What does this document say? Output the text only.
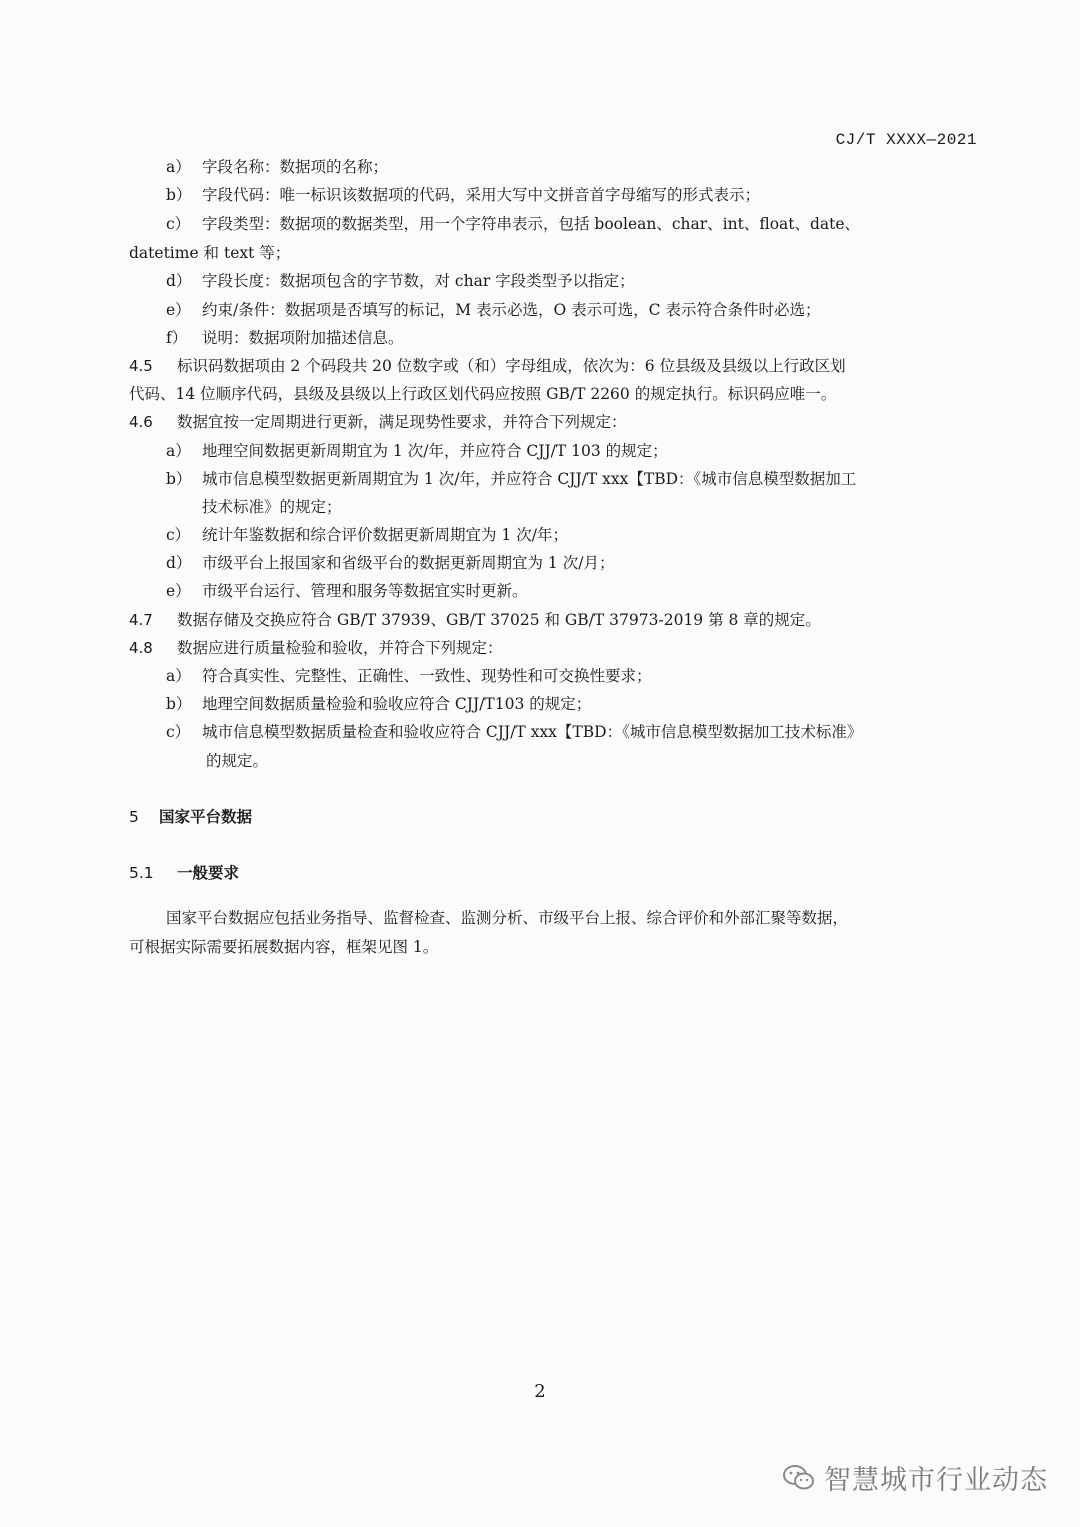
CJ/T XXXX—2021
a） 字段名称：数据项的名称；
b） 字段代码：唯一标识该数据项的代码，采用大写中文拼音首字母缩写的形式表示；
c） 字段类型：数据项的数据类型，用一个字符串表示，包括 boolean、char、int、float、date、
datetime 和 text 等；
d） 字段长度：数据项包含的字节数，对 char 字段类型予以指定；
e） 约束/条件：数据项是否填写的标记，M 表示必选，O 表示可选，C 表示符合条件时必选；
f） 说明：数据项附加描述信息。
4.5 标识码数据项由 2 个码段共 20 位数字或（和）字母组成，依次为：6 位县级及县级以上行政区划
代码、14 位顺序代码，县级及县级以上行政区划代码应按照 GB/T 2260 的规定执行。标识码应唯一。
4.6 数据宜按一定周期进行更新，满足现势性要求，并符合下列规定：
a） 地理空间数据更新周期宜为 1 次/年，并应符合 CJJ/T 103 的规定；
b） 城市信息模型数据更新周期宜为 1 次/年，并应符合 CJJ/T xxx【TBD：《城市信息模型数据加工
技术标准》的规定；
c） 统计年鉴数据和综合评价数据更新周期宜为 1 次/年；
d） 市级平台上报国家和省级平台的数据更新周期宜为 1 次/月；
e） 市级平台运行、管理和服务等数据宜实时更新。
4.7 数据存储及交换应符合 GB/T 37939、GB/T 37025 和 GB/T 37973-2019 第 8 章的规定。
4.8 数据应进行质量检验和验收，并符合下列规定：
a） 符合真实性、完整性、正确性、一致性、现势性和可交换性要求；
b） 地理空间数据质量检验和验收应符合 CJJ/T103 的规定；
c） 城市信息模型数据质量检查和验收应符合 CJJ/T xxx【TBD：《城市信息模型数据加工技术标准》
的规定。
5 国家平台数据
5.1 一般要求
国家平台数据应包括业务指导、监督检查、监测分析、市级平台上报、综合评价和外部汇聚等数据，
可根据实际需要拓展数据内容，框架见图 1。
2
智慧城市行业动态
